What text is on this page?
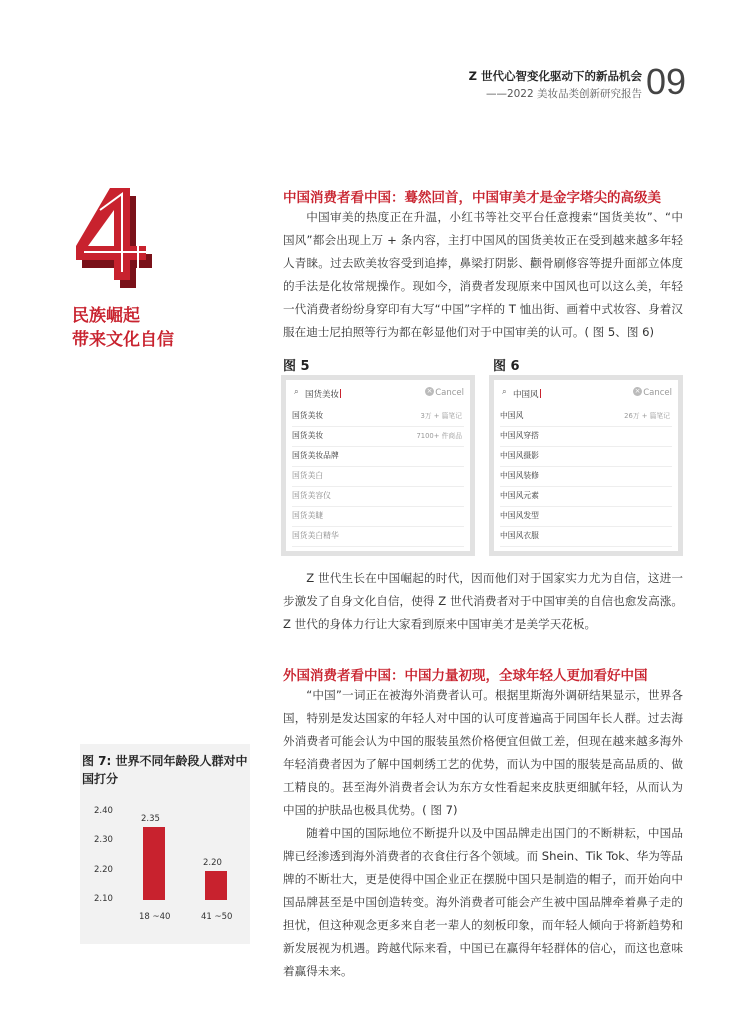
Z 世代心智变化驱动下的新品机会
——2022 美妆品类创新研究报告 09
民族崛起
带来文化自信
中国消费者看中国：蓦然回首，中国审美才是金字塔尖的高级美

中国审美的热度正在升温，小红书等社交平台任意搜索“国货美妆”、“中国风”都会出现上万 + 条内容，主打中国风的国货美妆正在受到越来越多年轻人青睐。过去欧美妆容受到追捧，鼻梁打阴影、颧骨刷修容等提升面部立体度的手法是化妆常规操作。现如今，消费者发现原来中国风也可以这么美，年轻一代消费者纷纷身穿印有大写“中国”字样的 T 恤出街、画着中式妆容、身着汉服在迪士尼拍照等行为都在彰显他们对于中国审美的认可。( 图 5、图 6)

图 5
⌕ 国货美妆	× Cancel
国货美妆	3万 + 篇笔记
国货美妆	7100+ 件商品
国货美妆品牌
国货美白
国货美容仪
国货美睫
国货美白精华
图 6
⌕ 中国风	× Cancel
中国风	26万 + 篇笔记
中国风穿搭
中国风摄影
中国风装修
中国风元素
中国风发型
中国风衣服
中国风服装

Z 世代生长在中国崛起的时代，因而他们对于国家实力尤为自信，这进一步激发了自身文化自信，使得 Z 世代消费者对于中国审美的自信也愈发高涨。Z 世代的身体力行让大家看到原来中国审美才是美学天花板。

外国消费者看中国：中国力量初现，全球年轻人更加看好中国

“中国”一词正在被海外消费者认可。根据里斯海外调研结果显示，世界各国，特别是发达国家的年轻人对中国的认可度普遍高于同国年长人群。过去海外消费者可能会认为中国的服装虽然价格便宜但做工差，但现在越来越多海外年轻消费者因为了解中国刺绣工艺的优势，而认为中国的服装是高品质的、做工精良的。甚至海外消费者会认为东方女性看起来皮肤更细腻年轻，从而认为中国的护肤品也极具优势。( 图 7)

随着中国的国际地位不断提升以及中国品牌走出国门的不断耕耘，中国品牌已经渗透到海外消费者的衣食住行各个领域。而 Shein、Tik Tok、华为等品牌的不断壮大，更是使得中国企业正在摆脱中国只是制造的帽子，而开始向中国品牌甚至是中国创造转变。海外消费者可能会产生被中国品牌牵着鼻子走的担忧，但这种观念更多来自老一辈人的刻板印象，而年轻人倾向于将新趋势和新发展视为机遇。跨越代际来看，中国已在赢得年轻群体的信心，而这也意味着赢得未来。

图 7: 世界不同年龄段人群对中国打分
2.40
2.30
2.20
2.10
2.35
18 ~40
2.20
41 ~50
